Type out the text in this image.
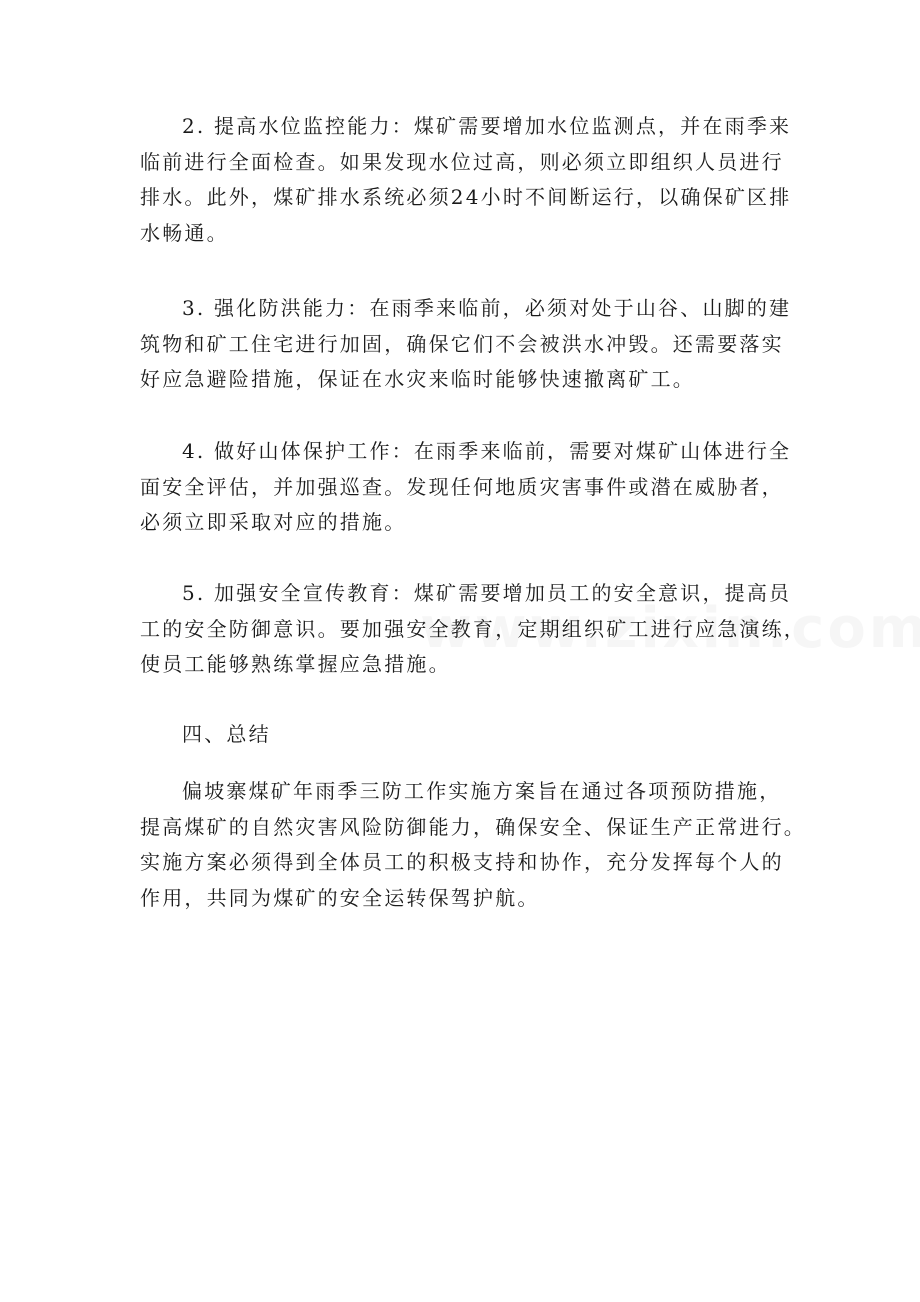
2. 提高水位监控能力：煤矿需要增加水位监测点，并在雨季来
临前进行全面检查。如果发现水位过高，则必须立即组织人员进行
排水。此外，煤矿排水系统必须24小时不间断运行，以确保矿区排
水畅通。

3. 强化防洪能力：在雨季来临前，必须对处于山谷、山脚的建
筑物和矿工住宅进行加固，确保它们不会被洪水冲毁。还需要落实
好应急避险措施，保证在水灾来临时能够快速撤离矿工。

4. 做好山体保护工作：在雨季来临前，需要对煤矿山体进行全
面安全评估，并加强巡查。发现任何地质灾害事件或潜在威胁者，
必须立即采取对应的措施。

5. 加强安全宣传教育：煤矿需要增加员工的安全意识，提高员
工的安全防御意识。要加强安全教育，定期组织矿工进行应急演练，
使员工能够熟练掌握应急措施。

四、总结

偏坡寨煤矿年雨季三防工作实施方案旨在通过各项预防措施，
提高煤矿的自然灾害风险防御能力，确保安全、保证生产正常进行。
实施方案必须得到全体员工的积极支持和协作，充分发挥每个人的
作用，共同为煤矿的安全运转保驾护航。
